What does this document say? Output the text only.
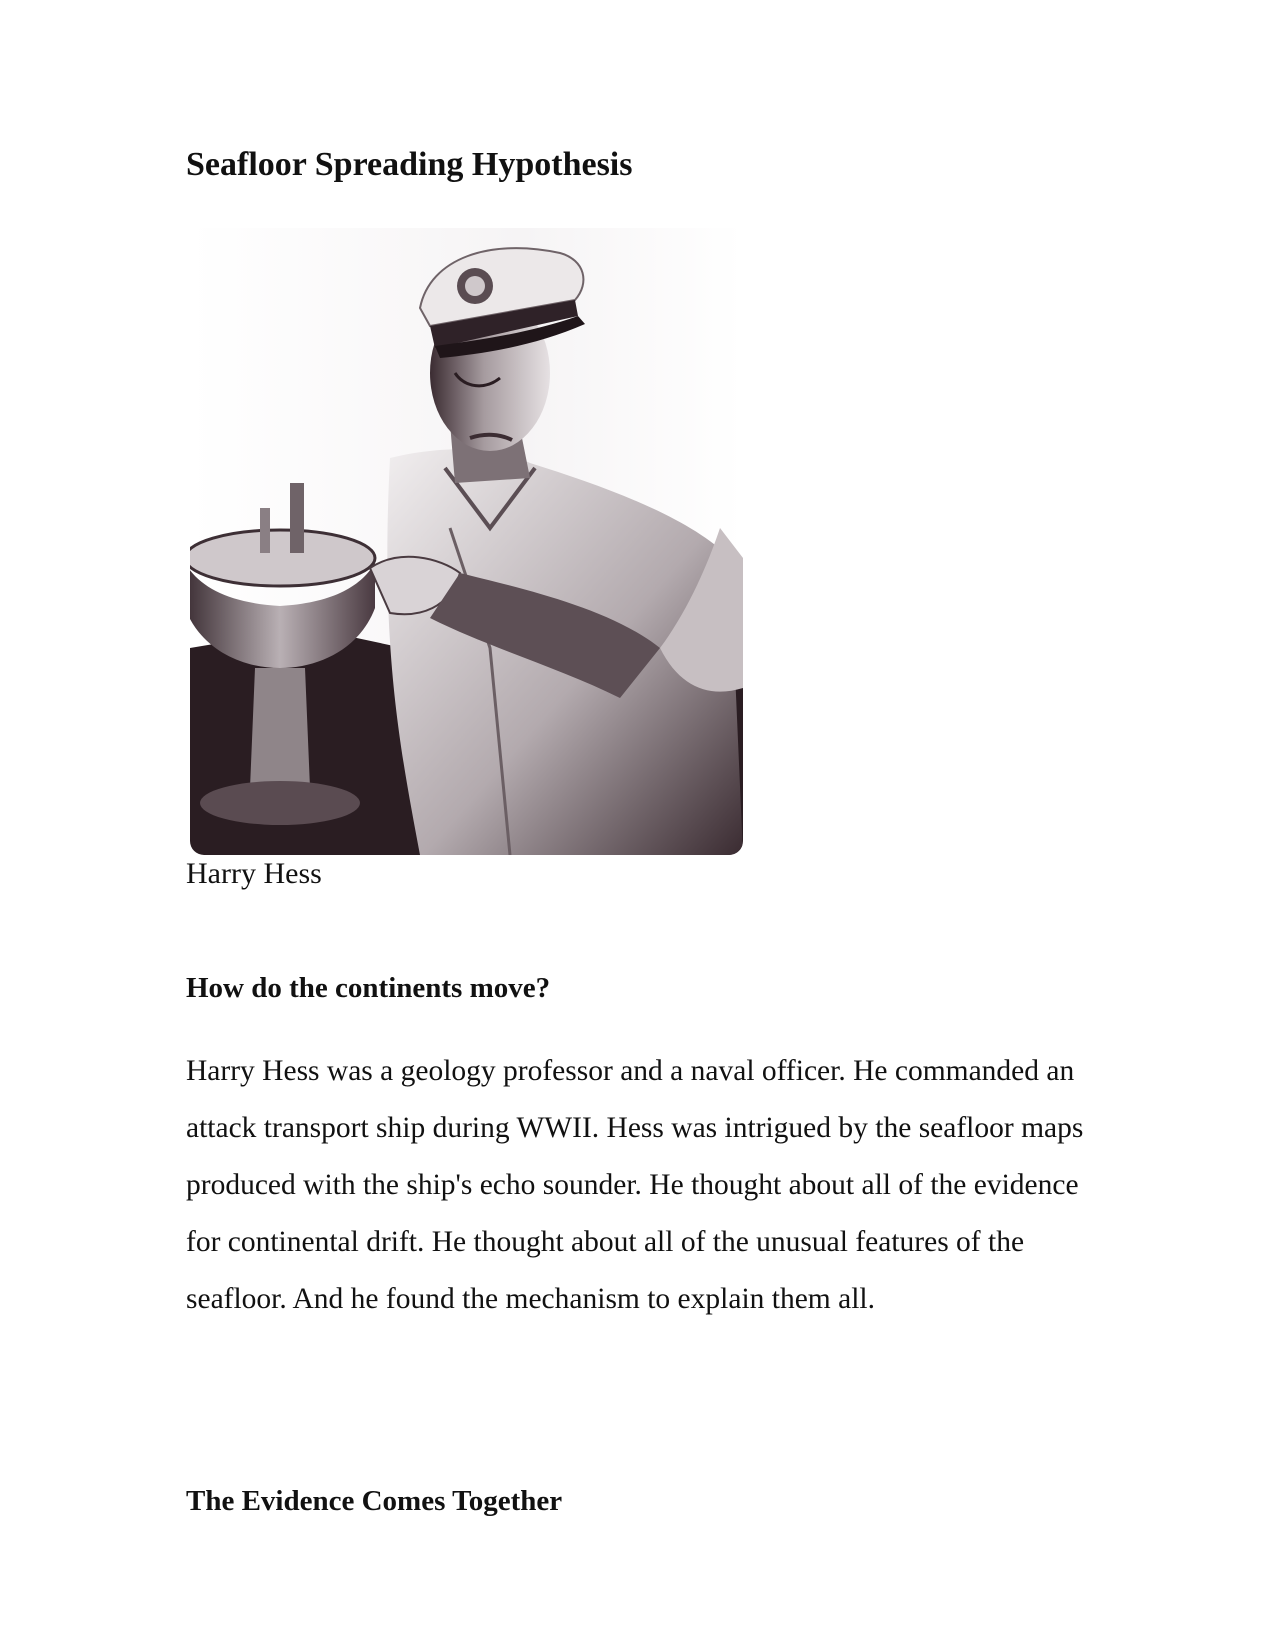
Seafloor Spreading Hypothesis

Harry Hess

How do the continents move?

Harry Hess was a geology professor and a naval officer. He commanded an attack transport ship during WWII. Hess was intrigued by the seafloor maps produced with the ship's echo sounder. He thought about all of the evidence for continental drift. He thought about all of the unusual features of the seafloor. And he found the mechanism to explain them all.

The Evidence Comes Together
